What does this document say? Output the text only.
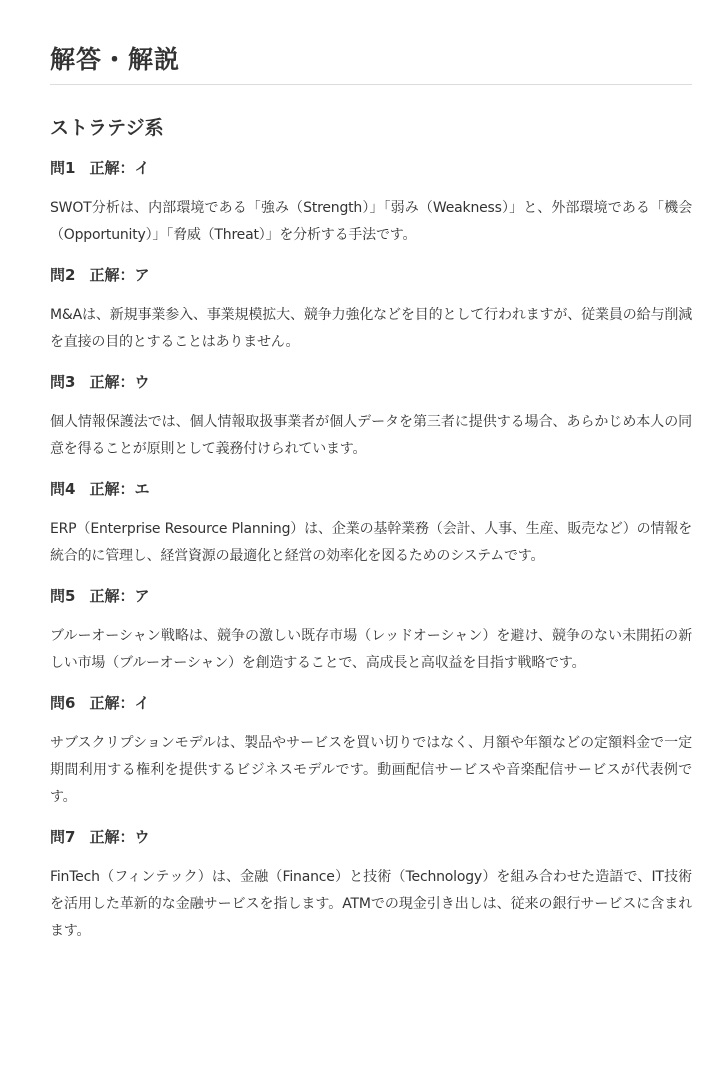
解答・解説
ストラテジ系
問1 正解：イ

SWOT分析は、内部環境である「強み（Strength）」「弱み（Weakness）」と、外部環境である「機会（Opportunity）」「脅威（Threat）」を分析する手法です。

問2 正解：ア

M&Aは、新規事業参入、事業規模拡大、競争力強化などを目的として行われますが、従業員の給与削減を直接の目的とすることはありません。

問3 正解：ウ

個人情報保護法では、個人情報取扱事業者が個人データを第三者に提供する場合、あらかじめ本人の同意を得ることが原則として義務付けられています。

問4 正解：エ

ERP（Enterprise Resource Planning）は、企業の基幹業務（会計、人事、生産、販売など）の情報を統合的に管理し、経営資源の最適化と経営の効率化を図るためのシステムです。

問5 正解：ア

ブルーオーシャン戦略は、競争の激しい既存市場（レッドオーシャン）を避け、競争のない未開拓の新しい市場（ブルーオーシャン）を創造することで、高成長と高収益を目指す戦略です。

問6 正解：イ

サブスクリプションモデルは、製品やサービスを買い切りではなく、月額や年額などの定額料金で一定期間利用する権利を提供するビジネスモデルです。動画配信サービスや音楽配信サービスが代表例です。

問7 正解：ウ

FinTech（フィンテック）は、金融（Finance）と技術（Technology）を組み合わせた造語で、IT技術を活用した革新的な金融サービスを指します。ATMでの現金引き出しは、従来の銀行サービスに含まれます。
